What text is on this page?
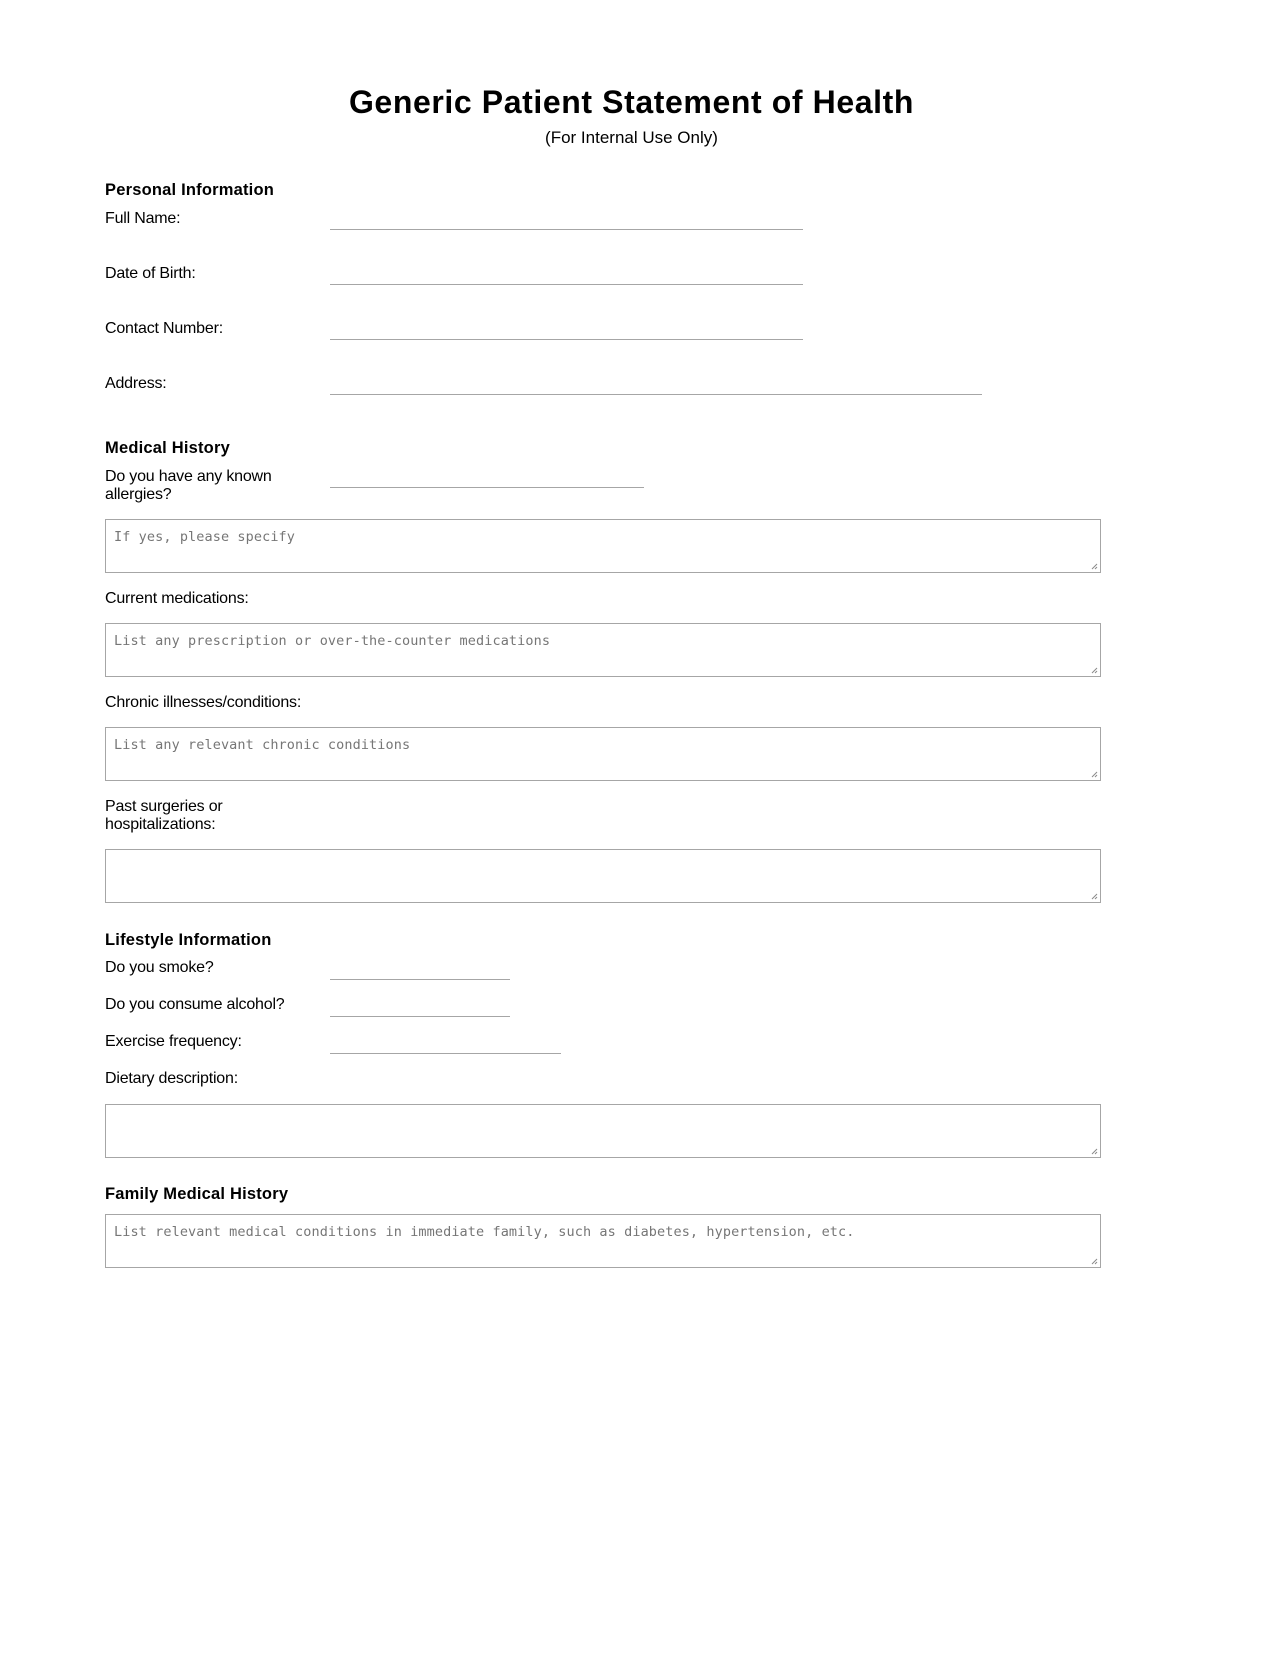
Generic Patient Statement of Health
(For Internal Use Only)
Personal Information
Full Name:
Date of Birth:
Contact Number:
Address:
Medical History
Do you have any known
allergies?
If yes, please specify
Current medications:
List any prescription or over-the-counter medications
Chronic illnesses/conditions:
List any relevant chronic conditions
Past surgeries or
hospitalizations:
Lifestyle Information
Do you smoke?
Do you consume alcohol?
Exercise frequency:
Dietary description:
Family Medical History
List relevant medical conditions in immediate family, such as diabetes, hypertension, etc.
